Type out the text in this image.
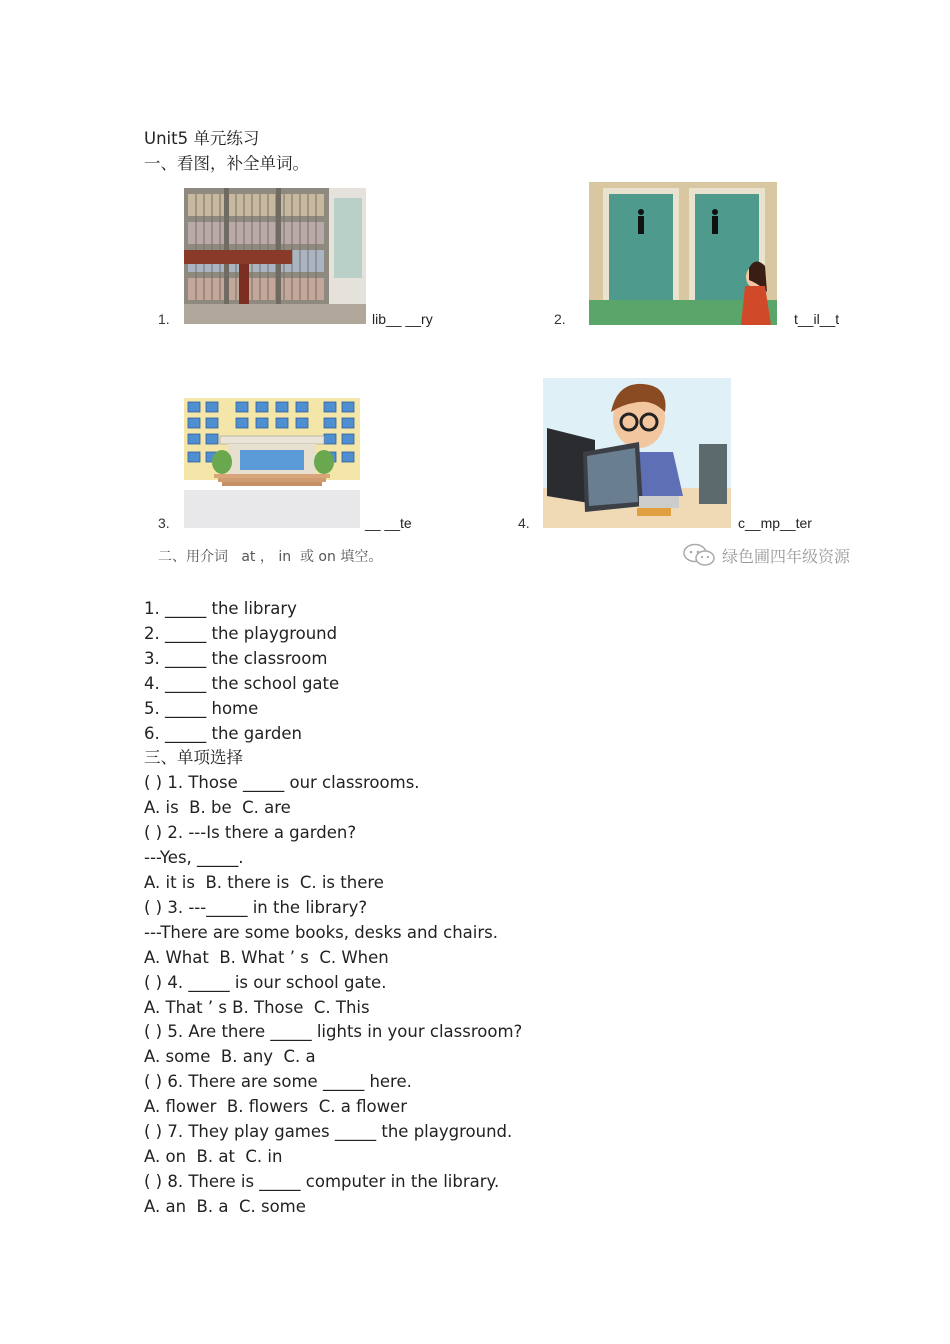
Unit5 单元练习
一、看图，补全单词。
1.	lib__ __ry	2.	t__il__t
3.	__ __te	4.	c__mp__ter
二、用介词   at ， in  或 on 填空。	绿色圃四年级资源
1. _____ the library
2. _____ the playground
3. _____ the classroom
4. _____ the school gate
5. _____ home
6. _____ the garden
三、单项选择
( ) 1. Those _____ our classrooms.
A. is  B. be  C. are
( ) 2. ---Is there a garden?
---Yes, _____.
A. it is  B. there is  C. is there
( ) 3. ---_____ in the library?
---There are some books, desks and chairs.
A. What  B. What ’ s  C. When
( ) 4. _____ is our school gate.
A. That ’ s B. Those  C. This
( ) 5. Are there _____ lights in your classroom?
A. some  B. any  C. a
( ) 6. There are some _____ here.
A. flower  B. flowers  C. a flower
( ) 7. They play games _____ the playground.
A. on  B. at  C. in
( ) 8. There is _____ computer in the library.
A. an  B. a  C. some
